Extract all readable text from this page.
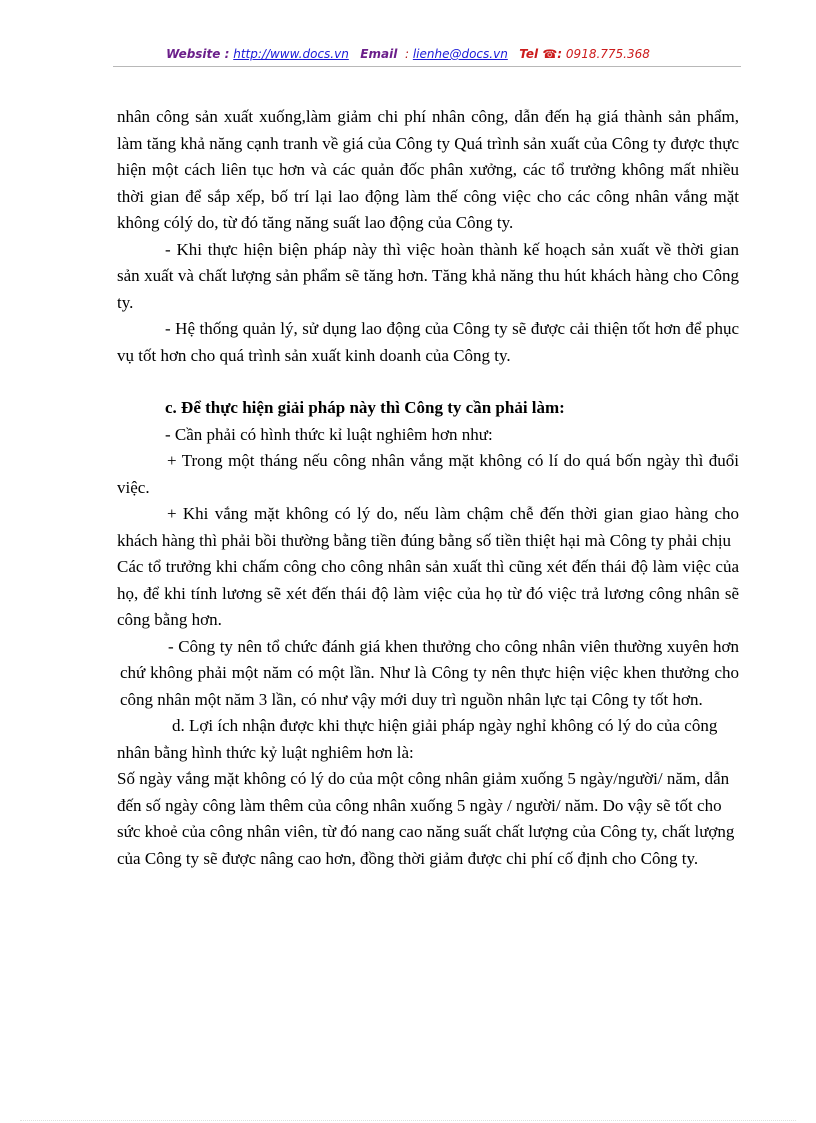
Website : http://www.docs.vn Email : lienhe@docs.vn Tel ☎: 0918.775.368

nhân công sản xuất xuống,làm giảm chi phí nhân công, dẫn đến hạ giá thành sản phẩm, làm tăng khả năng cạnh tranh về giá của Công ty Quá trình sản xuất của Công ty được thực hiện một cách liên tục hơn và các quản đốc phân xưởng, các tổ trưởng không mất nhiều thời gian để sắp xếp, bố trí lại lao động làm thế công việc cho các công nhân vắng mặt không cólý do, từ đó tăng năng suất lao động của Công ty.

- Khi thực hiện biện pháp này thì việc hoàn thành kế hoạch sản xuất về thời gian sản xuất và chất lượng sản phẩm sẽ tăng hơn. Tăng khả năng thu hút khách hàng cho Công ty.

- Hệ thống quản lý, sử dụng lao động của Công ty sẽ được cải thiện tốt hơn để phục vụ tốt hơn cho quá trình sản xuất kinh doanh của Công ty.

c. Để thực hiện giải pháp này thì Công ty cần phải làm:

- Cần phải có hình thức kỉ luật nghiêm hơn như:

+ Trong một tháng nếu công nhân vắng mặt không có lí do quá bốn ngày thì đuổi việc.

+ Khi vắng mặt không có lý do, nếu làm chậm chễ đến thời gian giao hàng cho khách hàng thì phải bồi thường bằng tiền đúng bằng số tiền thiệt hại mà Công ty phải chịu

Các tổ trưởng khi chấm công cho công nhân sản xuất thì cũng xét đến thái độ làm việc của họ, để khi tính lương sẽ xét đến thái độ làm việc của họ từ đó việc trả lương công nhân sẽ công bằng hơn.

- Công ty nên tổ chức đánh giá khen thưởng cho công nhân viên thường xuyên hơn chứ không phải một năm có một lần. Như là Công ty nên thực hiện việc khen thưởng cho công nhân một năm 3 lần, có như vậy mới duy trì nguồn nhân lực tại Công ty tốt hơn.

d. Lợi ích nhận được khi thực hiện giải pháp ngày nghỉ không có lý do của công nhân bằng hình thức kỷ luật nghiêm hơn là:

Số ngày vắng mặt không có lý do của một công nhân giảm xuống 5 ngày/người/ năm, dẫn đến số ngày công làm thêm của công nhân xuống 5 ngày / người/ năm. Do vậy sẽ tốt cho sức khoẻ của công nhân viên, từ đó nang cao năng suất chất lượng của Công ty, chất lượng của Công ty sẽ được nâng cao hơn, đồng thời giảm được chi phí cố định cho Công ty.
